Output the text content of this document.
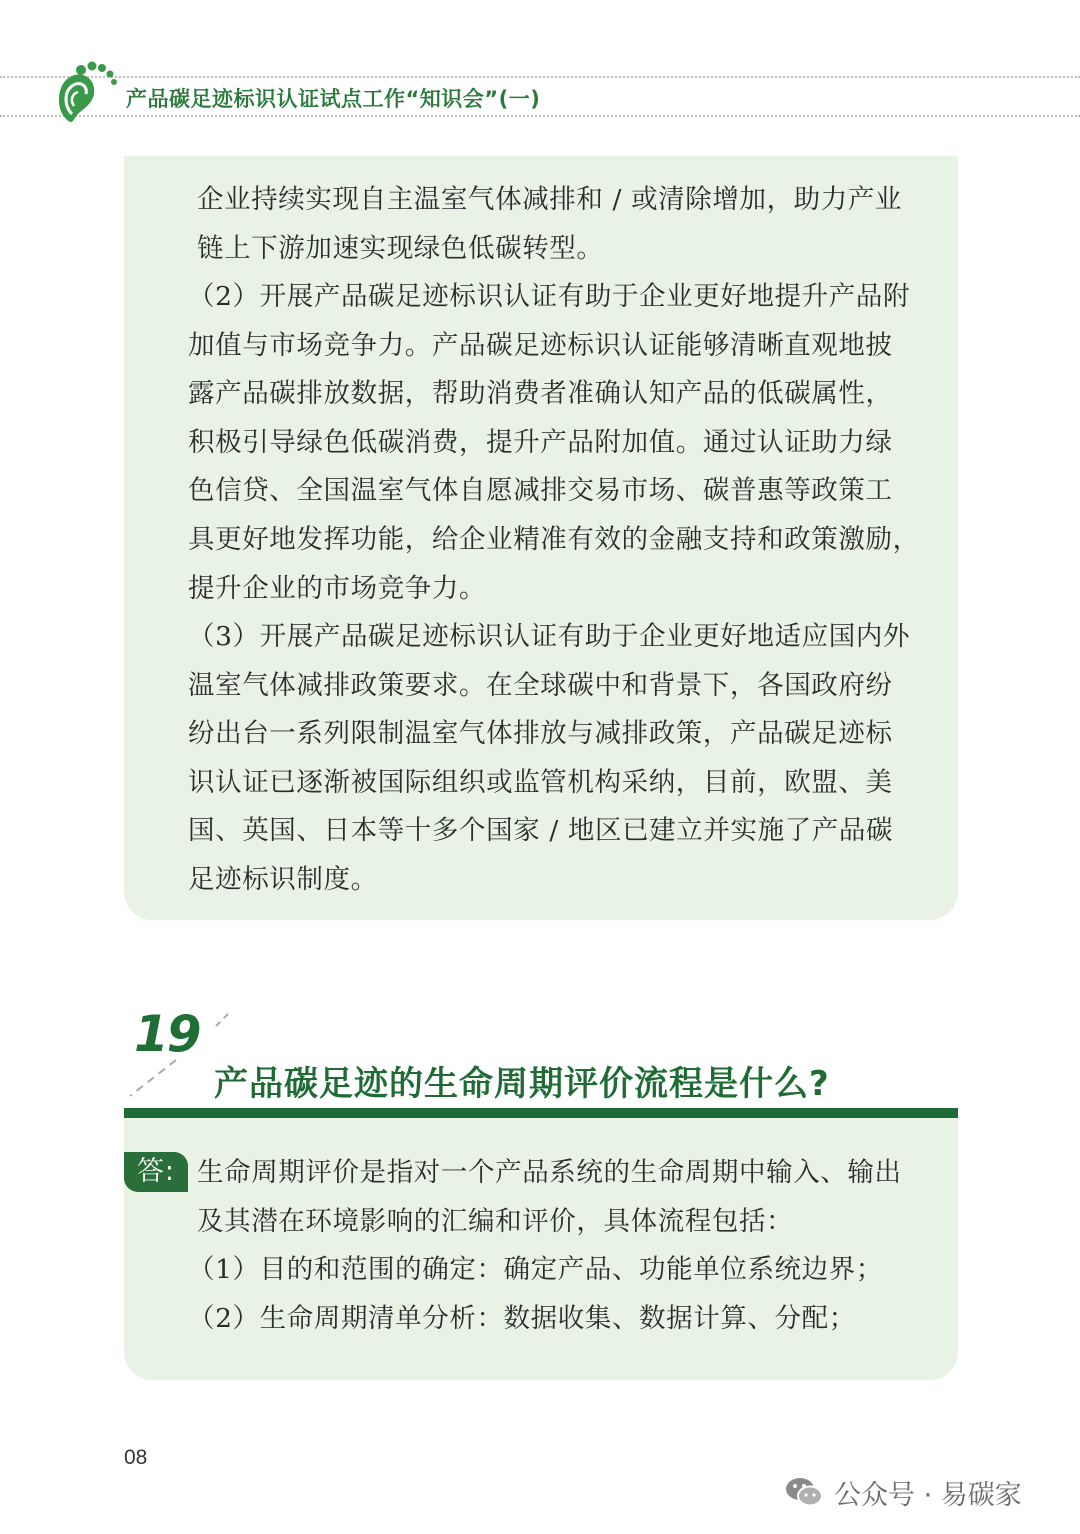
产品碳足迹标识认证试点工作“知识会”(一)
企业持续实现自主温室气体减排和 / 或清除增加，助力产业
链上下游加速实现绿色低碳转型。
（2）开展产品碳足迹标识认证有助于企业更好地提升产品附
加值与市场竞争力。产品碳足迹标识认证能够清晰直观地披
露产品碳排放数据，帮助消费者准确认知产品的低碳属性，
积极引导绿色低碳消费，提升产品附加值。通过认证助力绿
色信贷、全国温室气体自愿减排交易市场、碳普惠等政策工
具更好地发挥功能，给企业精准有效的金融支持和政策激励，
提升企业的市场竞争力。
（3）开展产品碳足迹标识认证有助于企业更好地适应国内外
温室气体减排政策要求。在全球碳中和背景下，各国政府纷
纷出台一系列限制温室气体排放与减排政策，产品碳足迹标
识认证已逐渐被国际组织或监管机构采纳，目前，欧盟、美
国、英国、日本等十多个国家 / 地区已建立并实施了产品碳
足迹标识制度。
19
产品碳足迹的生命周期评价流程是什么?
答: 生命周期评价是指对一个产品系统的生命周期中输入、输出
及其潜在环境影响的汇编和评价，具体流程包括：
（1）目的和范围的确定：确定产品、功能单位系统边界；
（2）生命周期清单分析：数据收集、数据计算、分配；
08
公众号 · 易碳家
